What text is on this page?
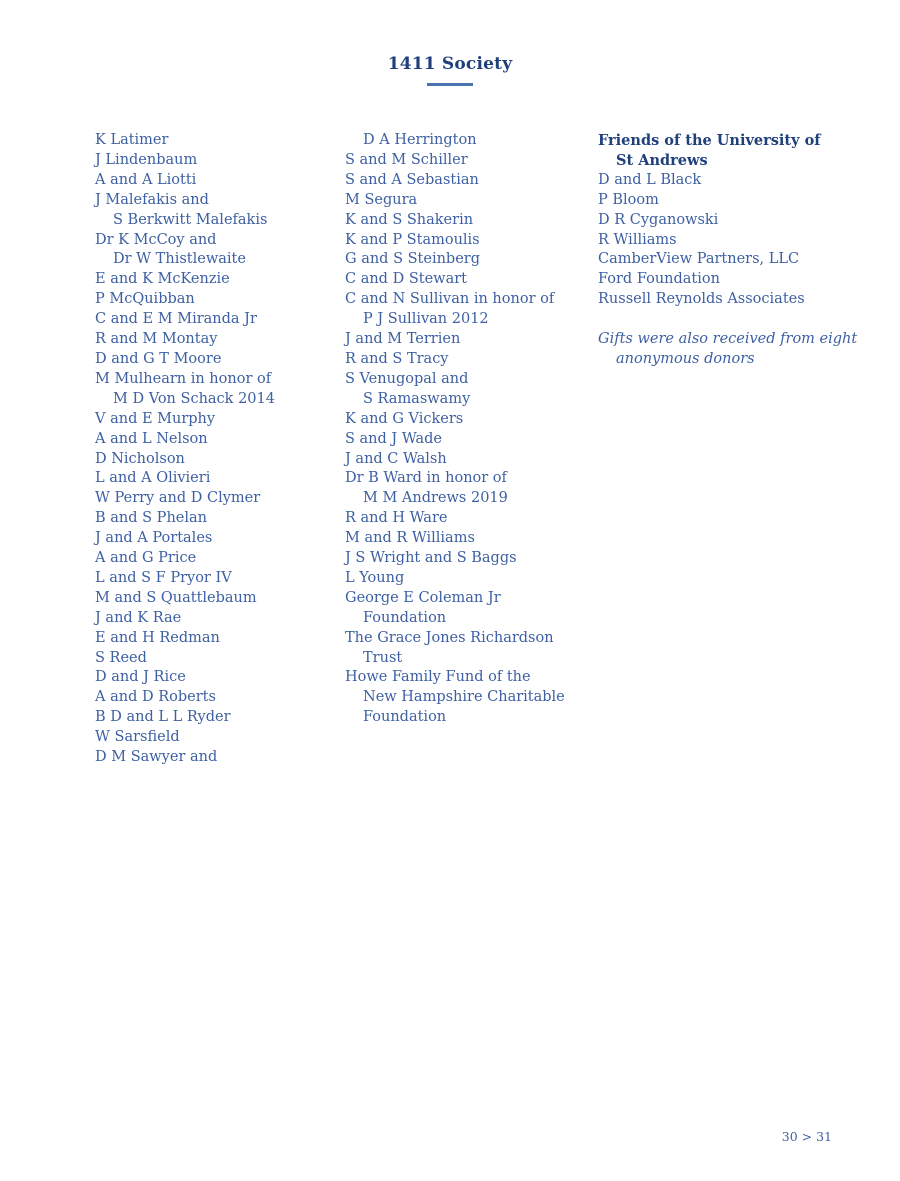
1411 Society
K Latimer
J Lindenbaum
A and A Liotti
J Malefakis and
S Berkwitt Malefakis
Dr K McCoy and
Dr W Thistlewaite
E and K McKenzie
P McQuibban
C and E M Miranda Jr
R and M Montay
D and G T Moore
M Mulhearn in honor of
M D Von Schack 2014
V and E Murphy
A and L Nelson
D Nicholson
L and A Olivieri
W Perry and D Clymer
B and S Phelan
J and A Portales
A and G Price
L and S F Pryor IV
M and S Quattlebaum
J and K Rae
E and H Redman
S Reed
D and J Rice
A and D Roberts
B D and L L Ryder
W Sarsfield
D M Sawyer and
D A Herrington
S and M Schiller
S and A Sebastian
M Segura
K and S Shakerin
K and P Stamoulis
G and S Steinberg
C and D Stewart
C and N Sullivan in honor of
P J Sullivan 2012
J and M Terrien
R and S Tracy
S Venugopal and
S Ramaswamy
K and G Vickers
S and J Wade
J and C Walsh
Dr B Ward in honor of
M M Andrews 2019
R and H Ware
M and R Williams
J S Wright and S Baggs
L Young
George E Coleman Jr
Foundation
The Grace Jones Richardson
Trust
Howe Family Fund of the
New Hampshire Charitable
Foundation
Friends of the University of
St Andrews
D and L Black
P Bloom
D R Cyganowski
R Williams
CamberView Partners, LLC
Ford Foundation
Russell Reynolds Associates
Gifts were also received from eight
anonymous donors
30 > 31
